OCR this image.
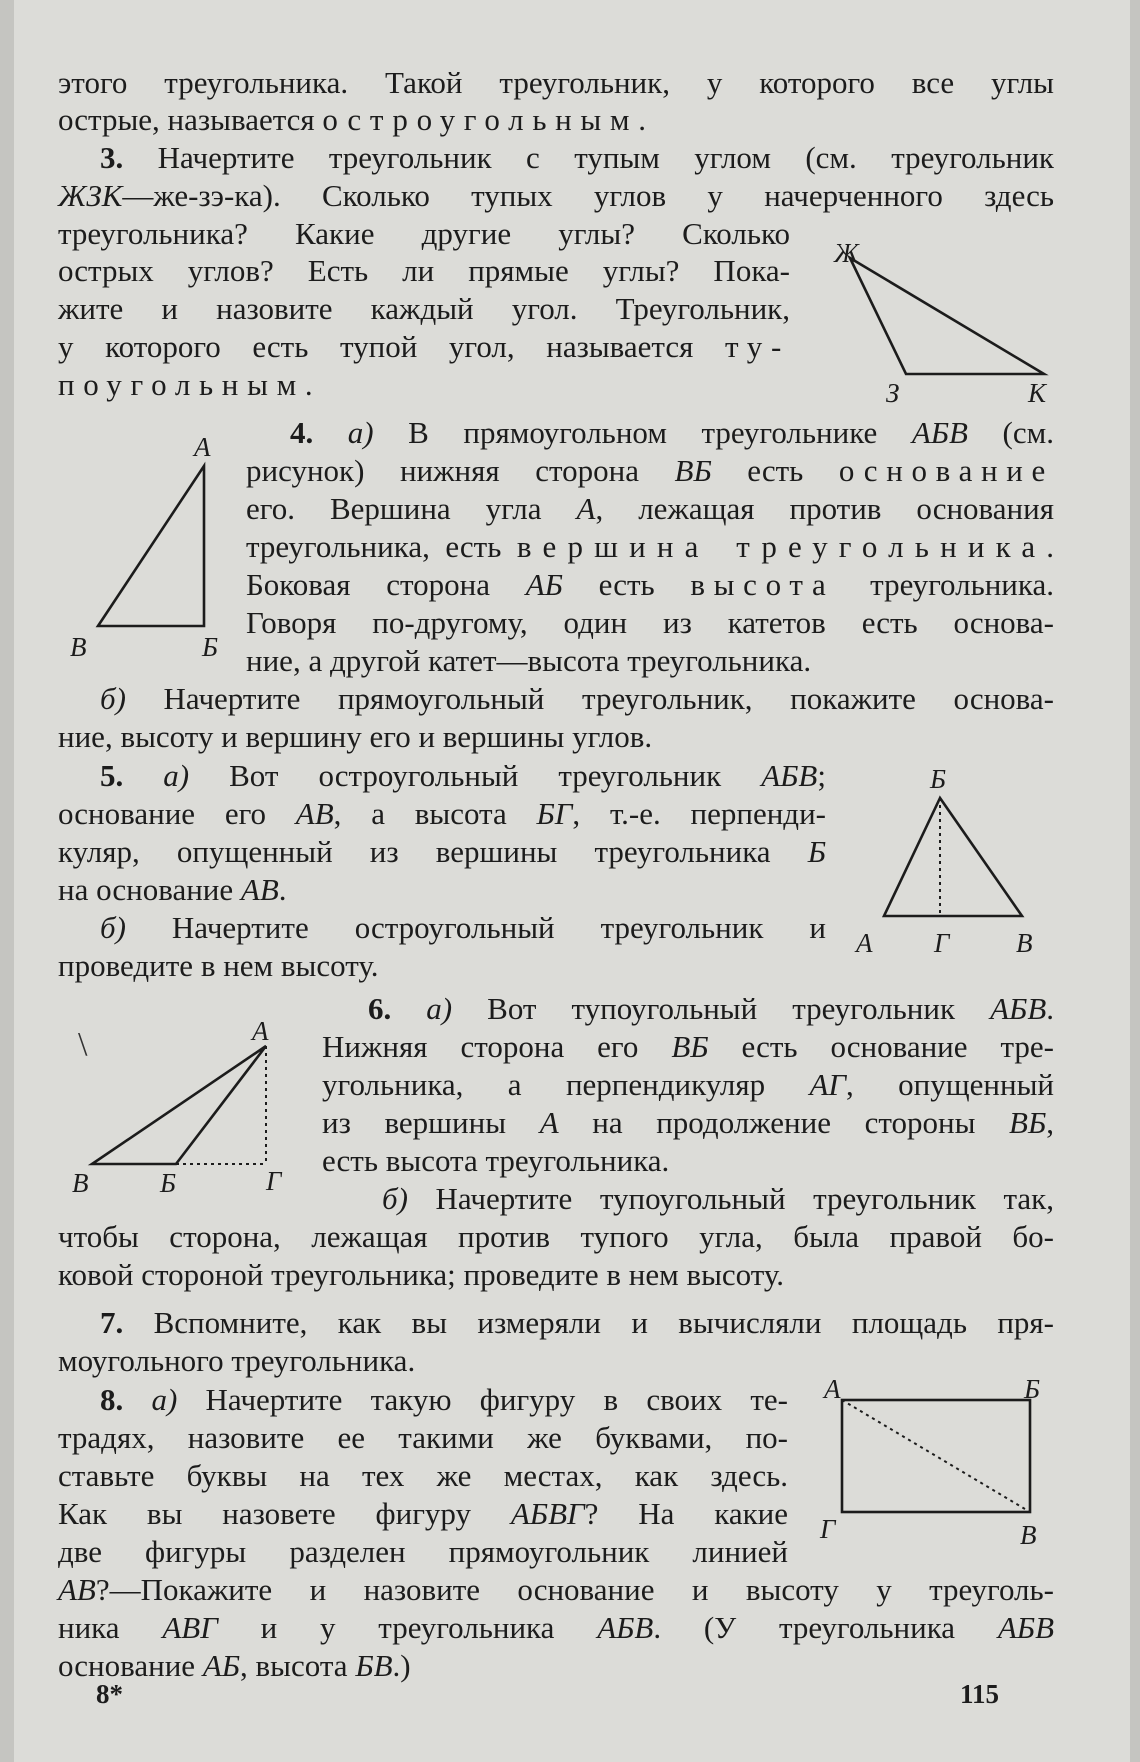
этого треугольника. Такой треугольник, у которого все углы

острые, называется остроугольным.

3. Начертите треугольник с тупым углом (см. треугольник

ЖЗК—же-зэ-ка). Сколько тупых углов у начерченного здесь

треугольника? Какие другие углы? Сколько

острых углов? Есть ли прямые углы? Пока-

жите и назовите каждый угол. Треугольник,

у которого есть тупой угол, называется ту-

поугольным.

Ж
З	К

4. а) В прямоугольном треугольнике АБВ (см.

рисунок) нижняя сторона ВБ есть основание

его. Вершина угла А, лежащая против основания

треугольника, есть вершина треугольника.

Боковая сторона АБ есть высота треугольника.

Говоря по-другому, один из катетов есть основа-

ние, а другой катет—высота треугольника.

б) Начертите прямоугольный треугольник, покажите основа-

ние, высоту и вершину его и вершины углов.

А
В	Б

5. а) Вот остроугольный треугольник АБВ;

основание его АВ, а высота БГ, т.-е. перпенди-

куляр, опущенный из вершины треугольника Б

на основание АВ.

б) Начертите остроугольный треугольник и

проведите в нем высоту.

Б
А Г В

6. а) Вот тупоугольный треугольник АБВ.

Нижняя сторона его ВБ есть основание тре-

угольника, а перпендикуляр АГ, опущенный

из вершины А на продолжение стороны ВБ,

есть высота треугольника.

б) Начертите тупоугольный треугольник так,

чтобы сторона, лежащая против тупого угла, была правой бо-

ковой стороной треугольника; проведите в нем высоту.

\	А
В	Б	Г

7. Вспомните, как вы измеряли и вычисляли площадь пря-

моугольного треугольника.

8. а) Начертите такую фигуру в своих те-

традях, назовите ее такими же буквами, по-

ставьте буквы на тех же местах, как здесь.

Как вы назовете фигуру АБВГ? На какие

две фигуры разделен прямоугольник линией

АВ?—Покажите и назовите основание и высоту у треуголь-

ника АВГ и у треугольника АБВ. (У треугольника АБВ

основание АБ, высота БВ.)

А	Б
Г	В
8*	115
